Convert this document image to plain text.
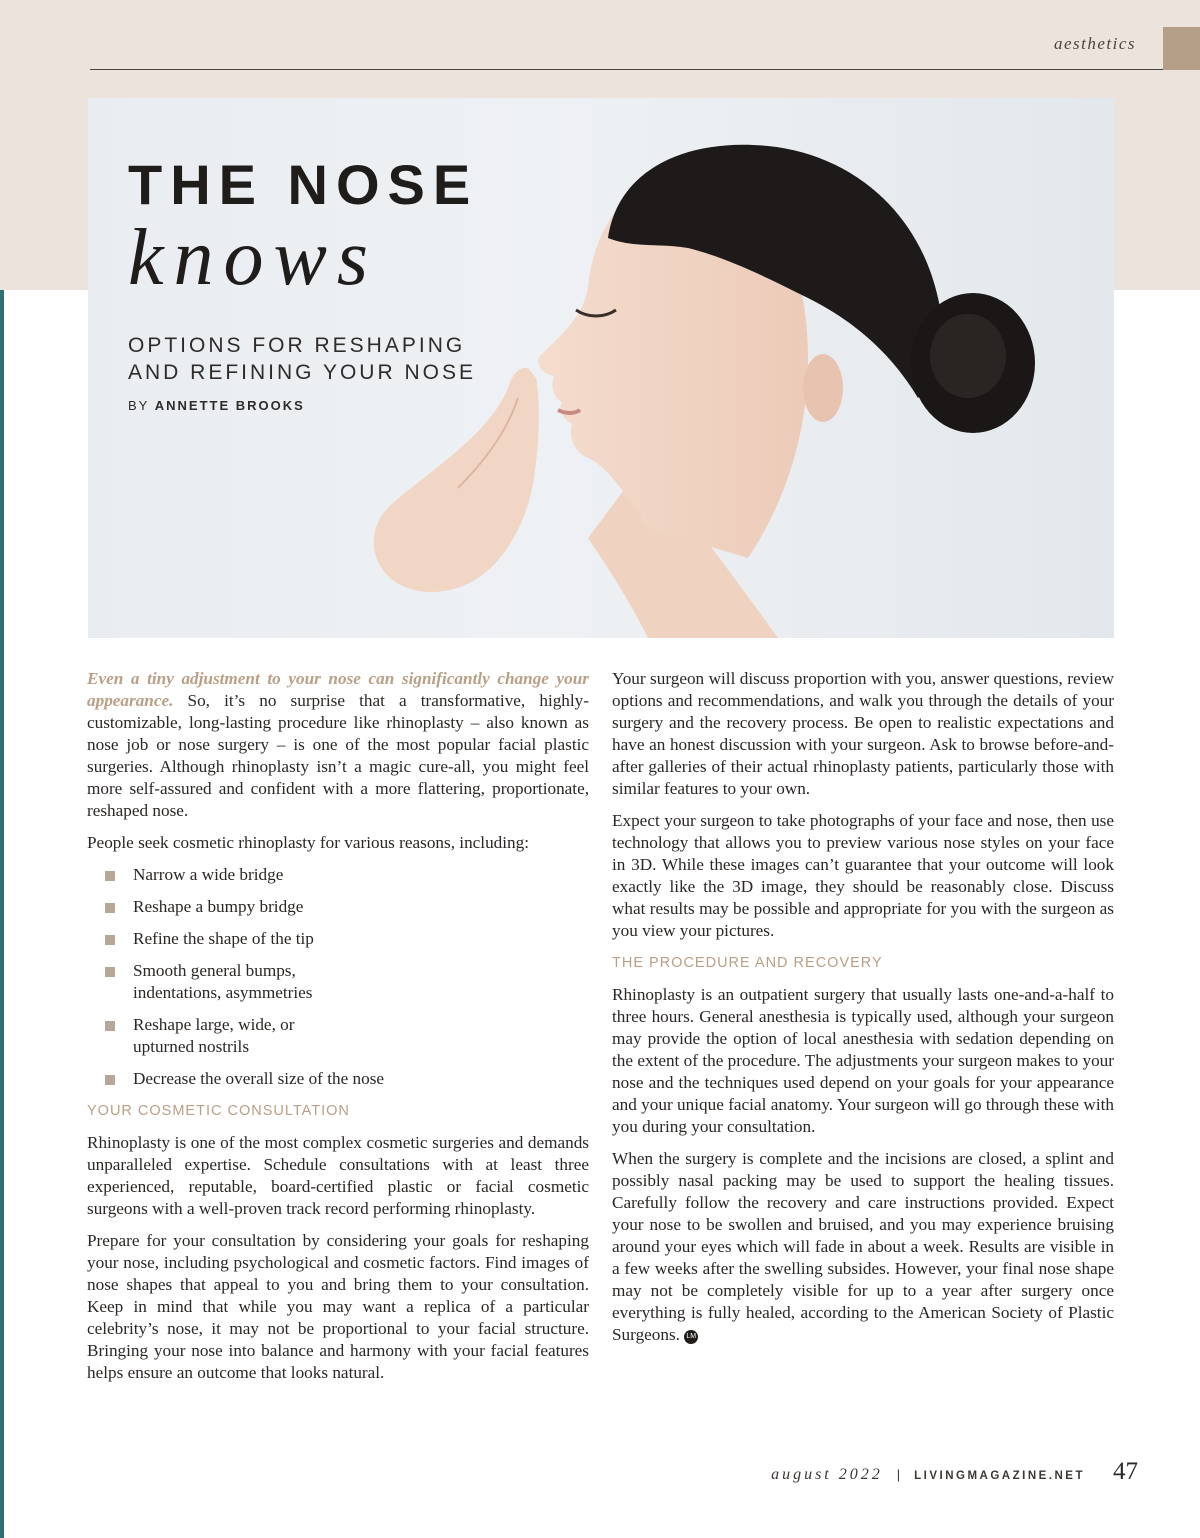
aesthetics
THE NOSE
knows
OPTIONS FOR RESHAPING
AND REFINING YOUR NOSE
BY ANNETTE BROOKS

Even a tiny adjustment to your nose can significantly change your appearance. So, it’s no surprise that a transformative, highly-customizable, long-lasting procedure like rhinoplasty – also known as nose job or nose surgery – is one of the most popular facial plastic surgeries. Although rhinoplasty isn’t a magic cure-all, you might feel more self-assured and confident with a more flattering, proportionate, reshaped nose.

People seek cosmetic rhinoplasty for various reasons, including:

Narrow a wide bridge
Reshape a bumpy bridge
Refine the shape of the tip
Smooth general bumps, indentations, asymmetries
Reshape large, wide, or upturned nostrils
Decrease the overall size of the nose
YOUR COSMETIC CONSULTATION

Rhinoplasty is one of the most complex cosmetic surgeries and demands unparalleled expertise. Schedule consultations with at least three experienced, reputable, board-certified plastic or facial cosmetic surgeons with a well-proven track record performing rhinoplasty.

Prepare for your consultation by considering your goals for reshaping your nose, including psychological and cosmetic factors. Find images of nose shapes that appeal to you and bring them to your consultation. Keep in mind that while you may want a replica of a particular celebrity’s nose, it may not be proportional to your facial structure. Bringing your nose into balance and harmony with your facial features helps ensure an outcome that looks natural.

Your surgeon will discuss proportion with you, answer questions, review options and recommendations, and walk you through the details of your surgery and the recovery process. Be open to realistic expectations and have an honest discussion with your surgeon. Ask to browse before-and-after galleries of their actual rhinoplasty patients, particularly those with similar features to your own.

Expect your surgeon to take photographs of your face and nose, then use technology that allows you to preview various nose styles on your face in 3D. While these images can’t guarantee that your outcome will look exactly like the 3D image, they should be reasonably close. Discuss what results may be possible and appropriate for you with the surgeon as you view your pictures.

THE PROCEDURE AND RECOVERY

Rhinoplasty is an outpatient surgery that usually lasts one-and-a-half to three hours. General anesthesia is typically used, although your surgeon may provide the option of local anesthesia with sedation depending on the extent of the procedure. The adjustments your surgeon makes to your nose and the techniques used depend on your goals for your appearance and your unique facial anatomy. Your surgeon will go through these with you during your consultation.

When the surgery is complete and the incisions are closed, a splint and possibly nasal packing may be used to support the healing tissues. Carefully follow the recovery and care instructions provided. Expect your nose to be swollen and bruised, and you may experience bruising around your eyes which will fade in about a week. Results are visible in a few weeks after the swelling subsides. However, your final nose shape may not be completely visible for up to a year after surgery once everything is fully healed, according to the American Society of Plastic Surgeons. LM

august 2022 | LIVINGMAGAZINE.NET 47
